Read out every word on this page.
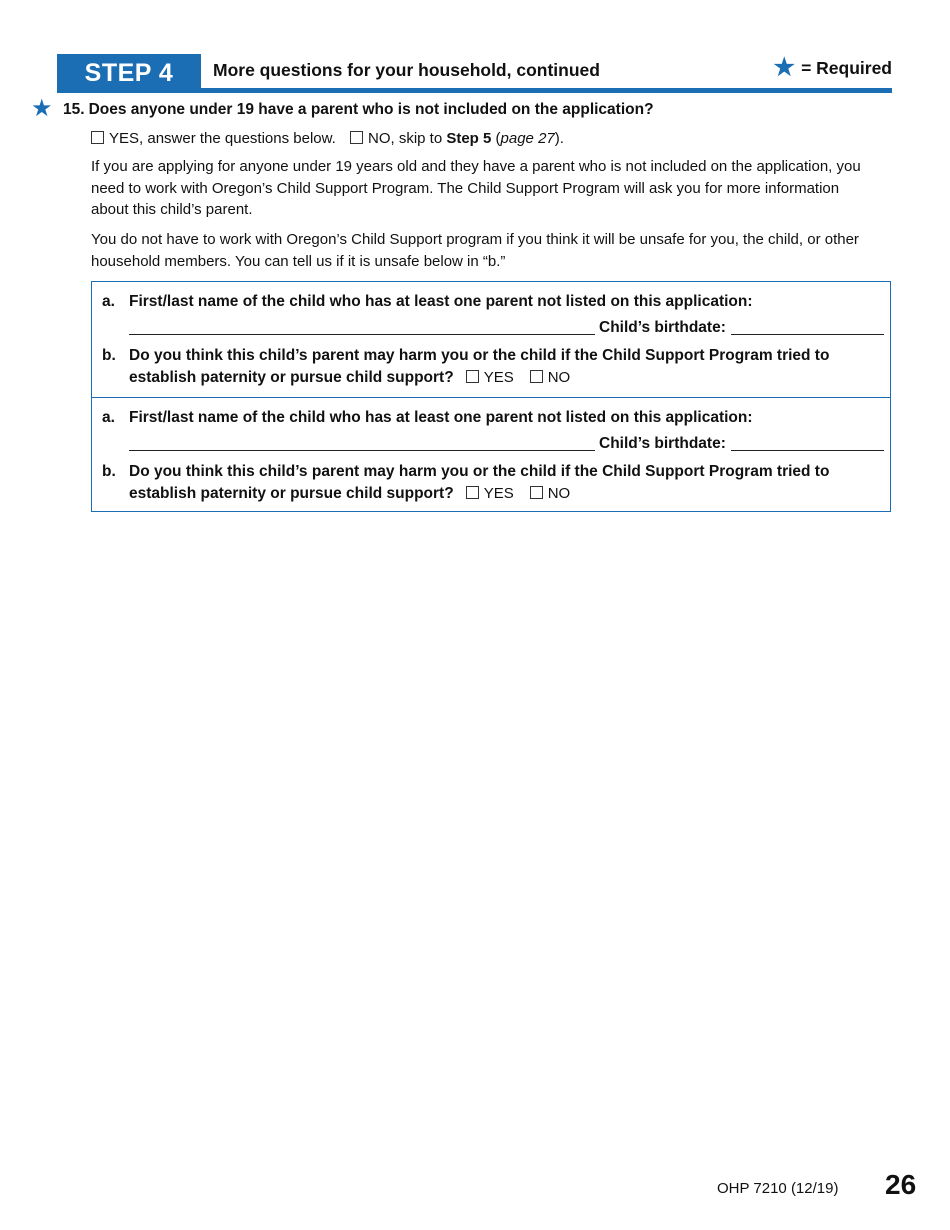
STEP 4	More questions for your household, continued	★ = Required
★ 15. Does anyone under 19 have a parent who is not included on the application?
YES, answer the questions below. NO, skip to Step 5 (page 27).
If you are applying for anyone under 19 years old and they have a parent who is not included on the application, you need to work with Oregon’s Child Support Program. The Child Support Program will ask you for more information about this child’s parent.
You do not have to work with Oregon’s Child Support program if you think it will be unsafe for you, the child, or other household members. You can tell us if it is unsafe below in “b.”
a. First/last name of the child who has at least one parent not listed on this application:
Child’s birthdate:
b. Do you think this child’s parent may harm you or the child if the Child Support Program tried to
establish paternity or pursue child support? YES NO
a. First/last name of the child who has at least one parent not listed on this application:
Child’s birthdate:
b. Do you think this child’s parent may harm you or the child if the Child Support Program tried to
establish paternity or pursue child support? YES NO
OHP 7210 (12/19) 26
